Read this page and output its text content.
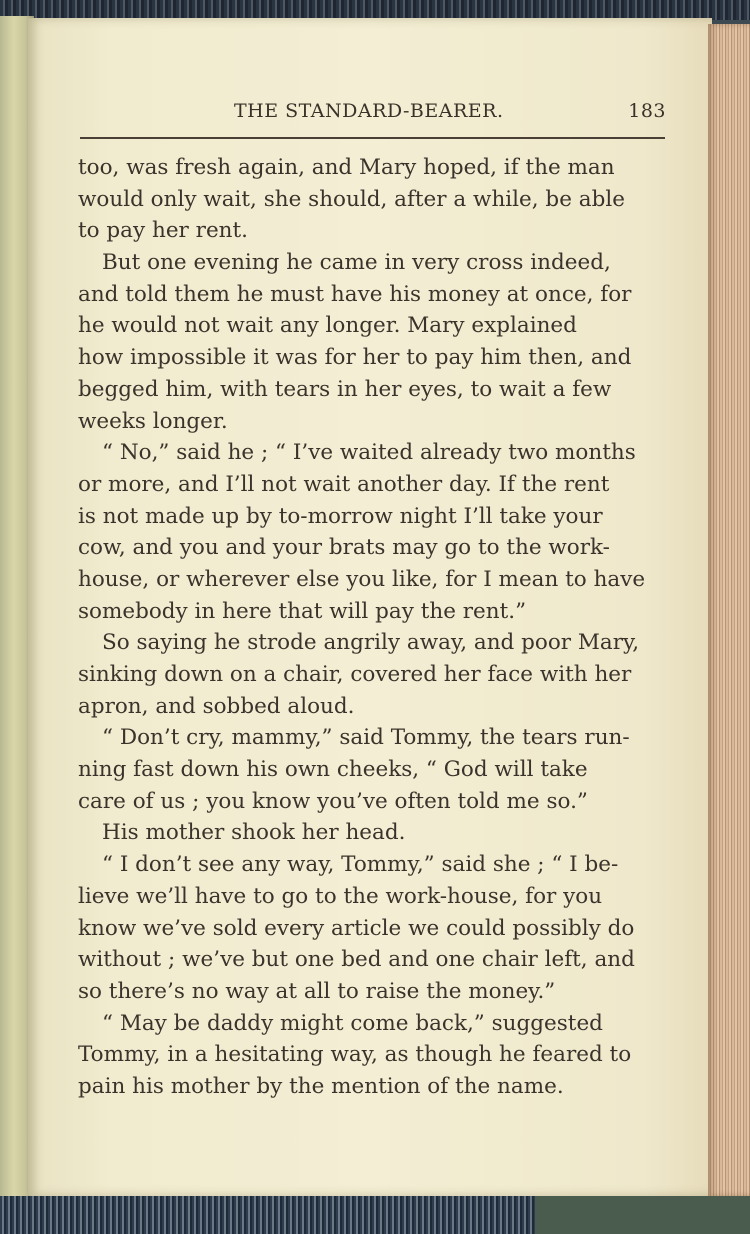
THE STANDARD-BEARER.	183
too, was fresh again, and Mary hoped, if the man
would only wait, she should, after a while, be able
to pay her rent.
But one evening he came in very cross indeed,
and told them he must have his money at once, for
he would not wait any longer. Mary explained
how impossible it was for her to pay him then, and
begged him, with tears in her eyes, to wait a few
weeks longer.
“ No,” said he ; “ I’ve waited already two months
or more, and I’ll not wait another day. If the rent
is not made up by to-morrow night I’ll take your
cow, and you and your brats may go to the work-
house, or wherever else you like, for I mean to have
somebody in here that will pay the rent.”
So saying he strode angrily away, and poor Mary,
sinking down on a chair, covered her face with her
apron, and sobbed aloud.
“ Don’t cry, mammy,” said Tommy, the tears run-
ning fast down his own cheeks, “ God will take
care of us ; you know you’ve often told me so.”
His mother shook her head.
“ I don’t see any way, Tommy,” said she ; “ I be-
lieve we’ll have to go to the work-house, for you
know we’ve sold every article we could possibly do
without ; we’ve but one bed and one chair left, and
so there’s no way at all to raise the money.”
“ May be daddy might come back,” suggested
Tommy, in a hesitating way, as though he feared to
pain his mother by the mention of the name.
